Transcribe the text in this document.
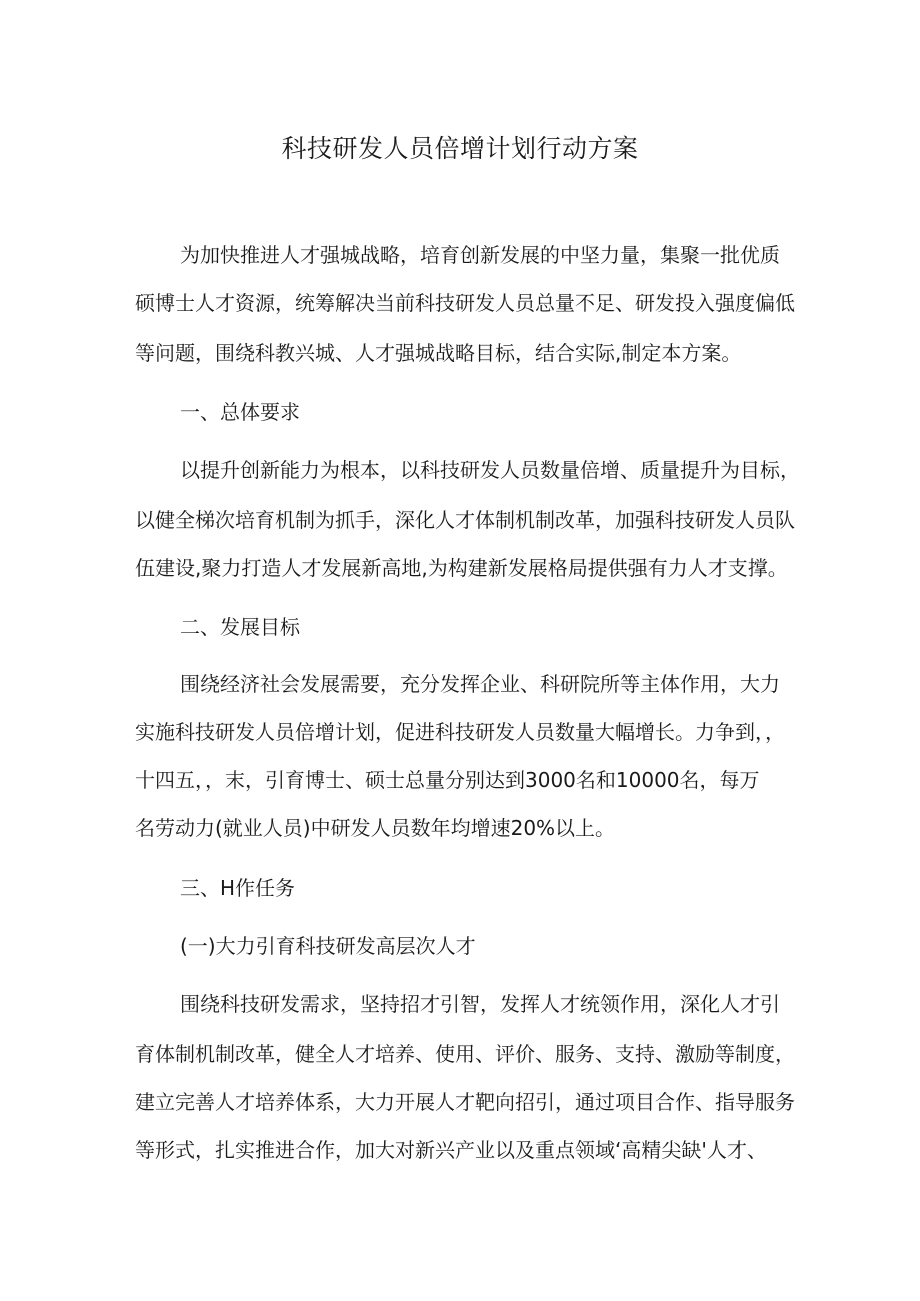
科技研发人员倍增计划行动方案
为加快推进人才强城战略，培育创新发展的中坚力量，集聚一批优质
硕博士人才资源，统筹解决当前科技研发人员总量不足、研发投入强度偏低
等问题，围绕科教兴城、人才强城战略目标，结合实际,制定本方案。
一、总体要求
以提升创新能力为根本，以科技研发人员数量倍增、质量提升为目标，
以健全梯次培育机制为抓手，深化人才体制机制改革，加强科技研发人员队
伍建设,聚力打造人才发展新高地,为构建新发展格局提供强有力人才支撑。
二、发展目标
围绕经济社会发展需要，充分发挥企业、科研院所等主体作用，大力
实施科技研发人员倍增计划，促进科技研发人员数量大幅增长。力争到，，
十四五，，末，引育博士、硕士总量分别达到3000名和10000名，每万
名劳动力(就业人员)中研发人员数年均增速20%以上。
三、H作任务
(一)大力引育科技研发高层次人才
围绕科技研发需求，坚持招才引智，发挥人才统领作用，深化人才引
育体制机制改革，健全人才培养、使用、评价、服务、支持、激励等制度，
建立完善人才培养体系，大力开展人才靶向招引，通过项目合作、指导服务
等形式，扎实推进合作，加大对新兴产业以及重点领域‘高精尖缺'人才、
